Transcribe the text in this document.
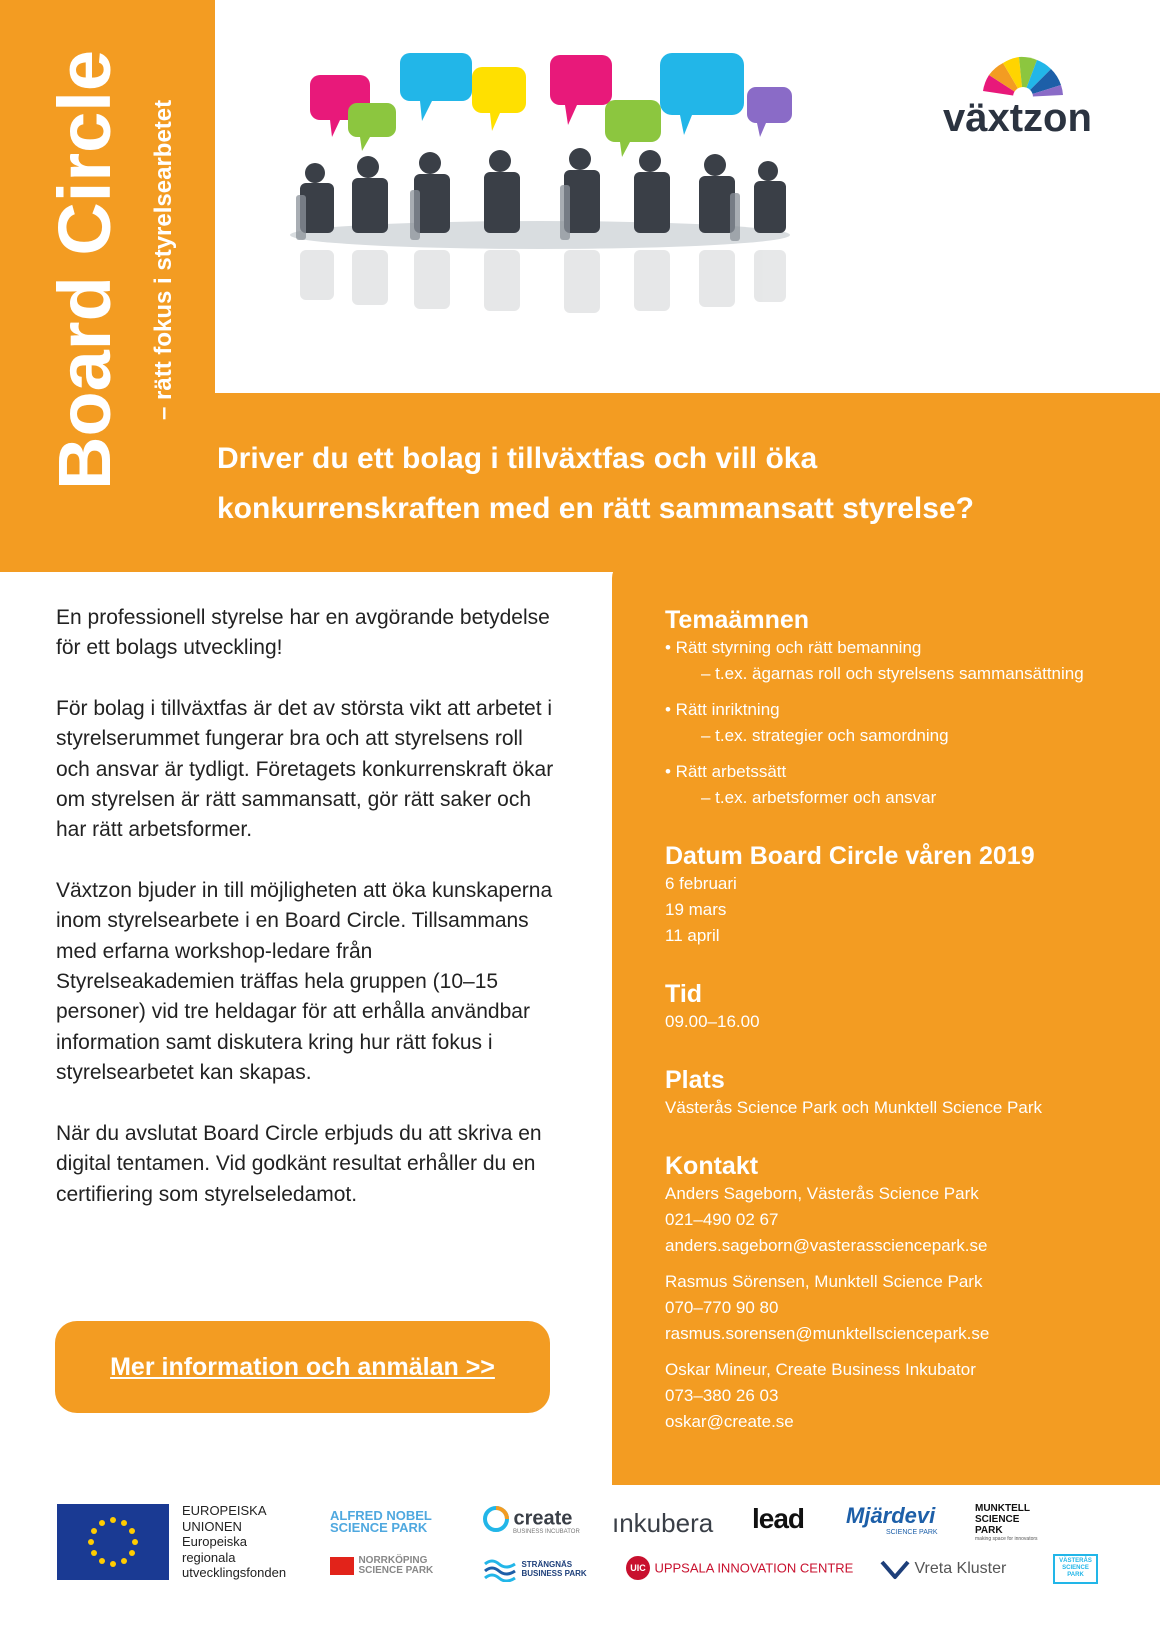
växtzon
Board Circle – rätt fokus i styrelsearbetet
Driver du ett bolag i tillväxtfas och vill öka
konkurrenskraften med en rätt sammansatt styrelse?

En professionell styrelse har en avgörande betydelse för ett bolags utveckling!

För bolag i tillväxtfas är det av största vikt att arbetet i styrelserummet fungerar bra och att styrelsens roll och ansvar är tydligt. Företagets konkurrenskraft ökar om styrelsen är rätt sammansatt, gör rätt saker och har rätt arbetsformer.

Växtzon bjuder in till möjligheten att öka kunskaperna inom styrelsearbete i en Board Circle. Tillsammans med erfarna workshop-ledare från Styrelseakademien träffas hela gruppen (10–15 personer) vid tre heldagar för att erhålla användbar information samt diskutera kring hur rätt fokus i styrelsearbetet kan skapas.

När du avslutat Board Circle erbjuds du att skriva en digital tentamen. Vid godkänt resultat erhåller du en certifiering som styrelseledamot.

Mer information och anmälan >>
Temaämnen
• Rätt styrning och rätt bemanning
– t.ex. ägarnas roll och styrelsens sammansättning
• Rätt inriktning
– t.ex. strategier och samordning
• Rätt arbetssätt
– t.ex. arbetsformer och ansvar
Datum Board Circle våren 2019
6 februari
19 mars
11 april
Tid
09.00–16.00
Plats
Västerås Science Park och Munktell Science Park
Kontakt
Anders Sageborn, Västerås Science Park
021–490 02 67
anders.sageborn@vasterassciencepark.se
Rasmus Sörensen, Munktell Science Park
070–770 90 80
rasmus.sorensen@munktellsciencepark.se
Oskar Mineur, Create Business Inkubator
073–380 26 03
oskar@create.se
EUROPEISKA
UNIONEN
Europeiska
regionala
utvecklingsfonden
ALFRED NOBEL SCIENCE PARK	create
BUSINESS INCUBATOR ınkubera lead Mjärdevi
SCIENCE PARK
MUNKTELL SCIENCE PARK
making space for innovators
NORRKÖPING SCIENCE PARK
STRÄNGNÄS BUSINESS PARK
UIC UPPSALA INNOVATION CENTRE	Vreta Kluster	VÄSTERÅS SCIENCE PARK
